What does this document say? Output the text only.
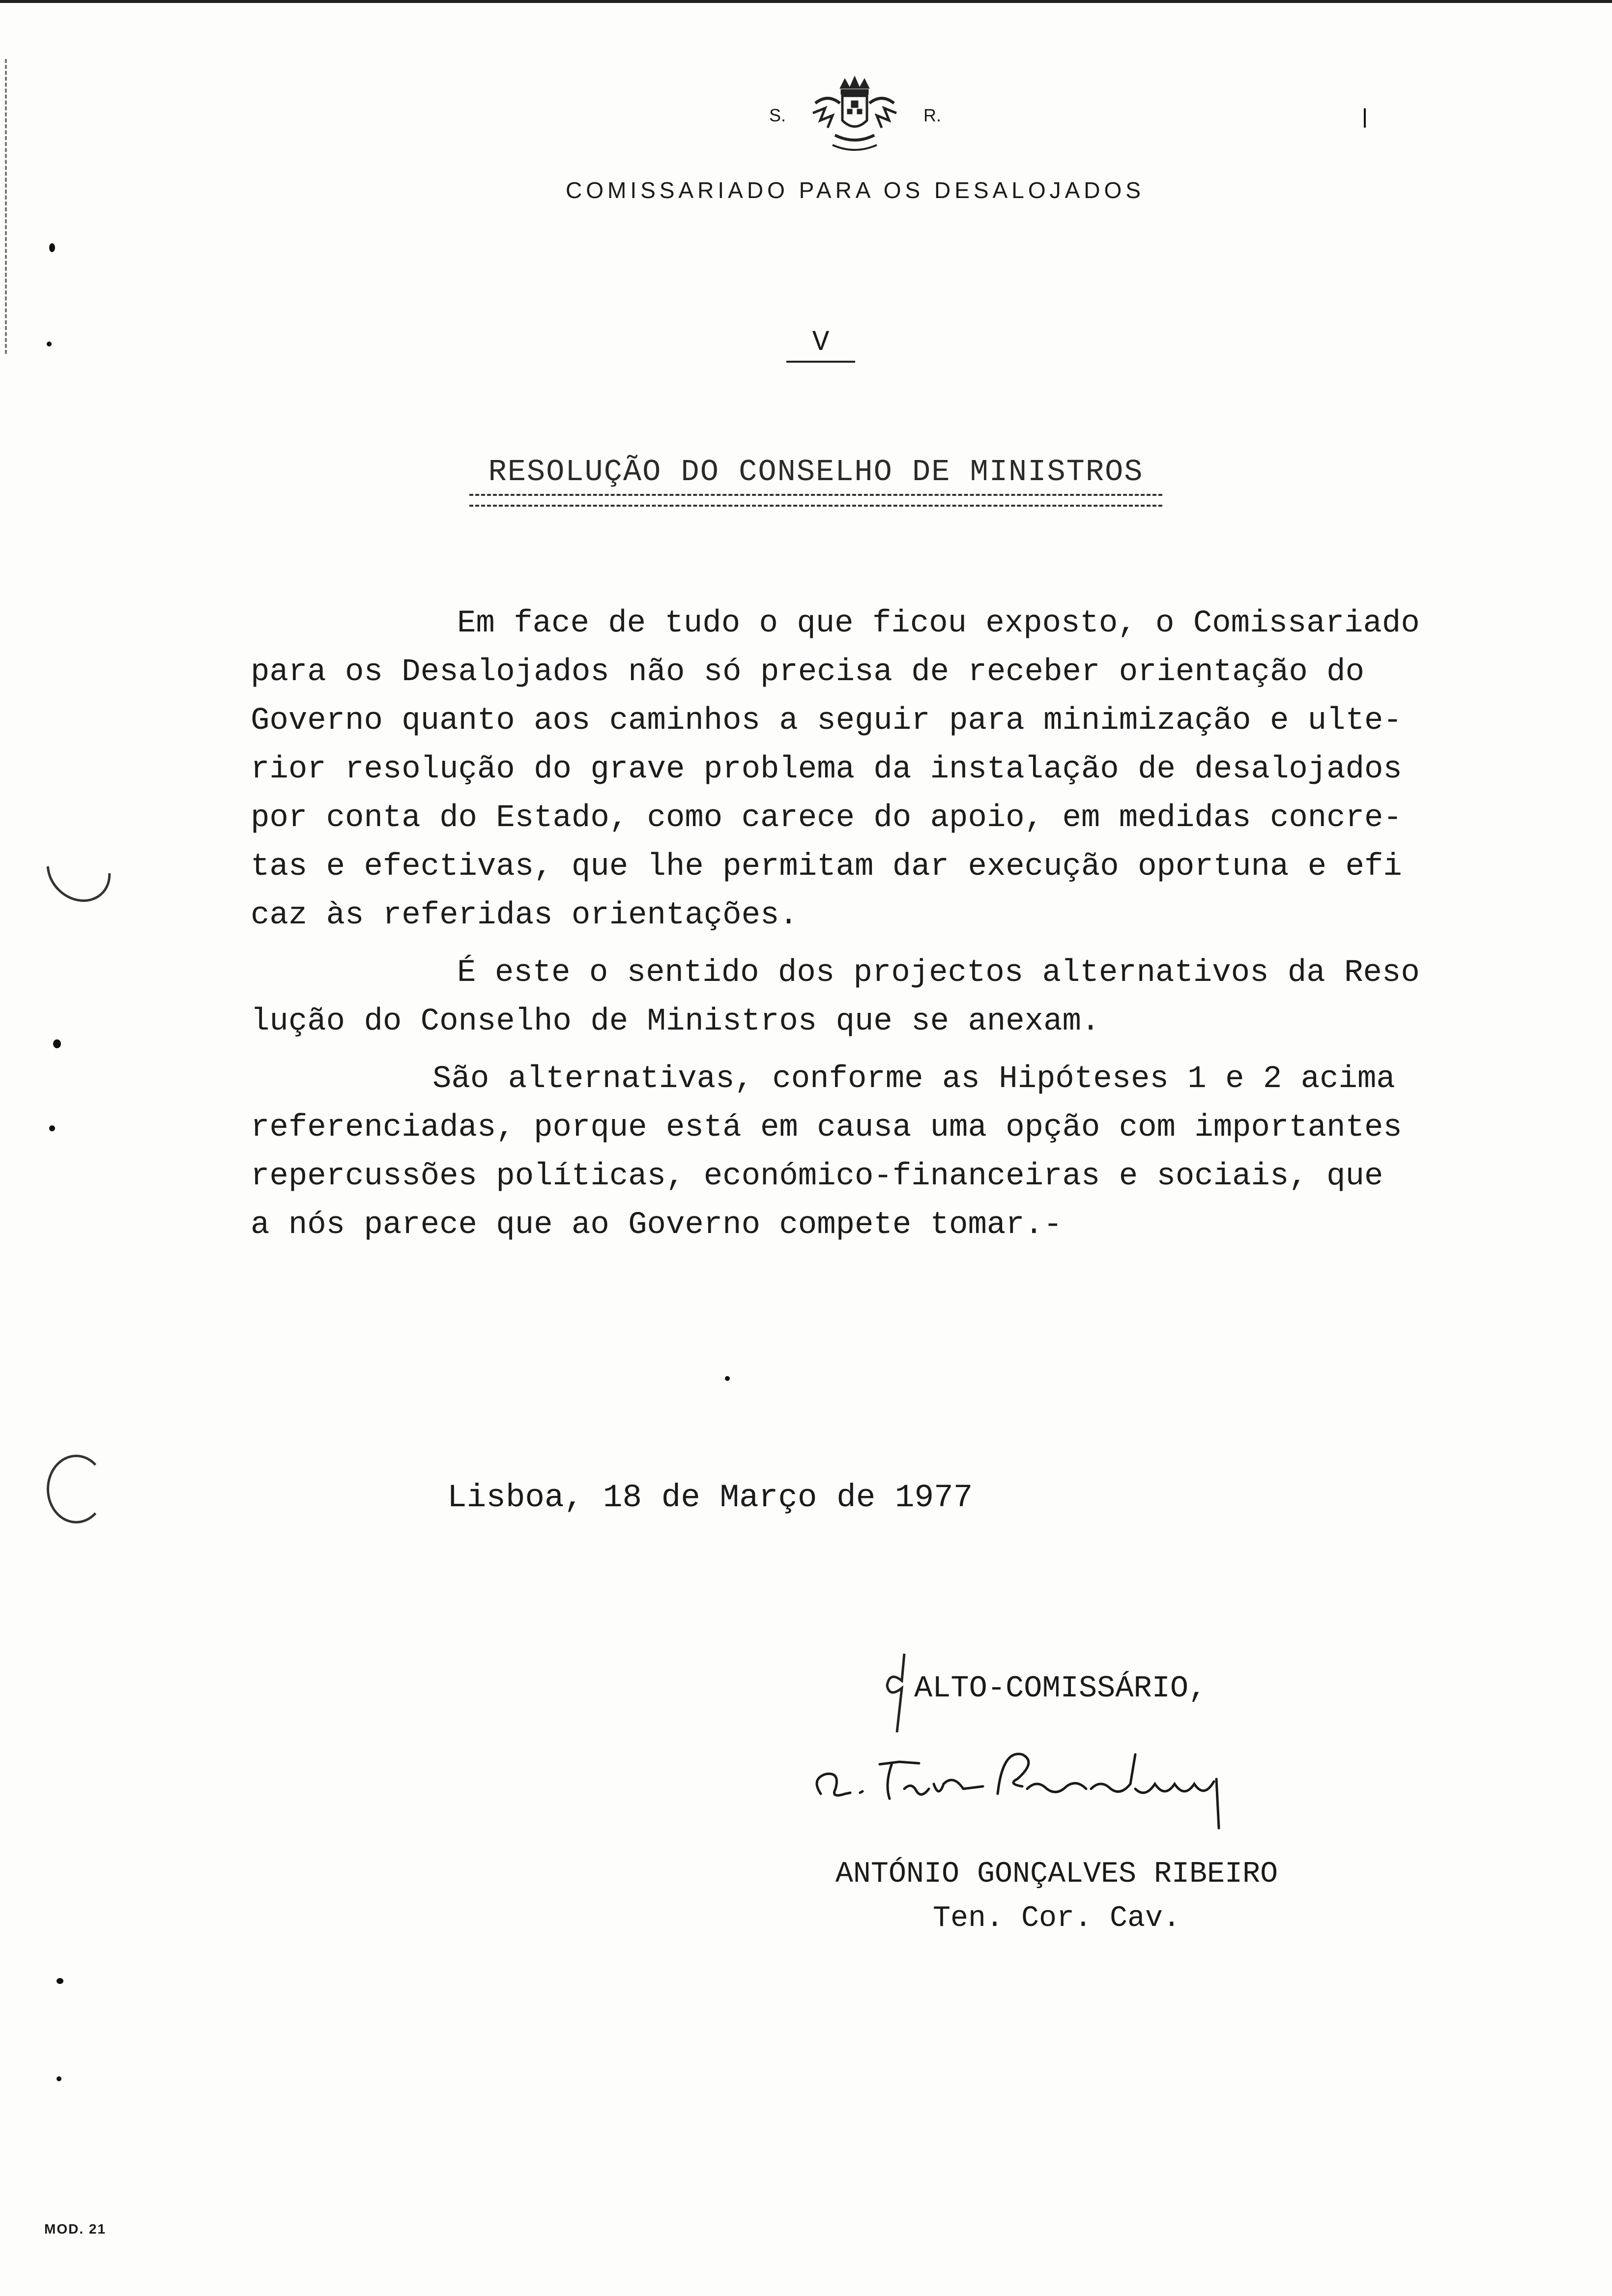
S.	R.
COMISSARIADO PARA OS DESALOJADOS
V
RESOLUÇÃO DO CONSELHO DE MINISTROS
Em face de tudo o que ficou exposto, o Comissariado
para os Desalojados não só precisa de receber orientação do
Governo quanto aos caminhos a seguir para minimização e ulte-
rior resolução do grave problema da instalação de desalojados
por conta do Estado, como carece do apoio, em medidas concre-
tas e efectivas, que lhe permitam dar execução oportuna e efi
caz às referidas orientações.
É este o sentido dos projectos alternativos da Reso
lução do Conselho de Ministros que se anexam.
São alternativas, conforme as Hipóteses 1 e 2 acima
referenciadas, porque está em causa uma opção com importantes
repercussões políticas, económico-financeiras e sociais, que
a nós parece que ao Governo compete tomar.-
Lisboa, 18 de Março de 1977
ALTO-COMISSÁRIO,
ANTÓNIO GONÇALVES RIBEIRO
Ten. Cor. Cav.
MOD. 21
